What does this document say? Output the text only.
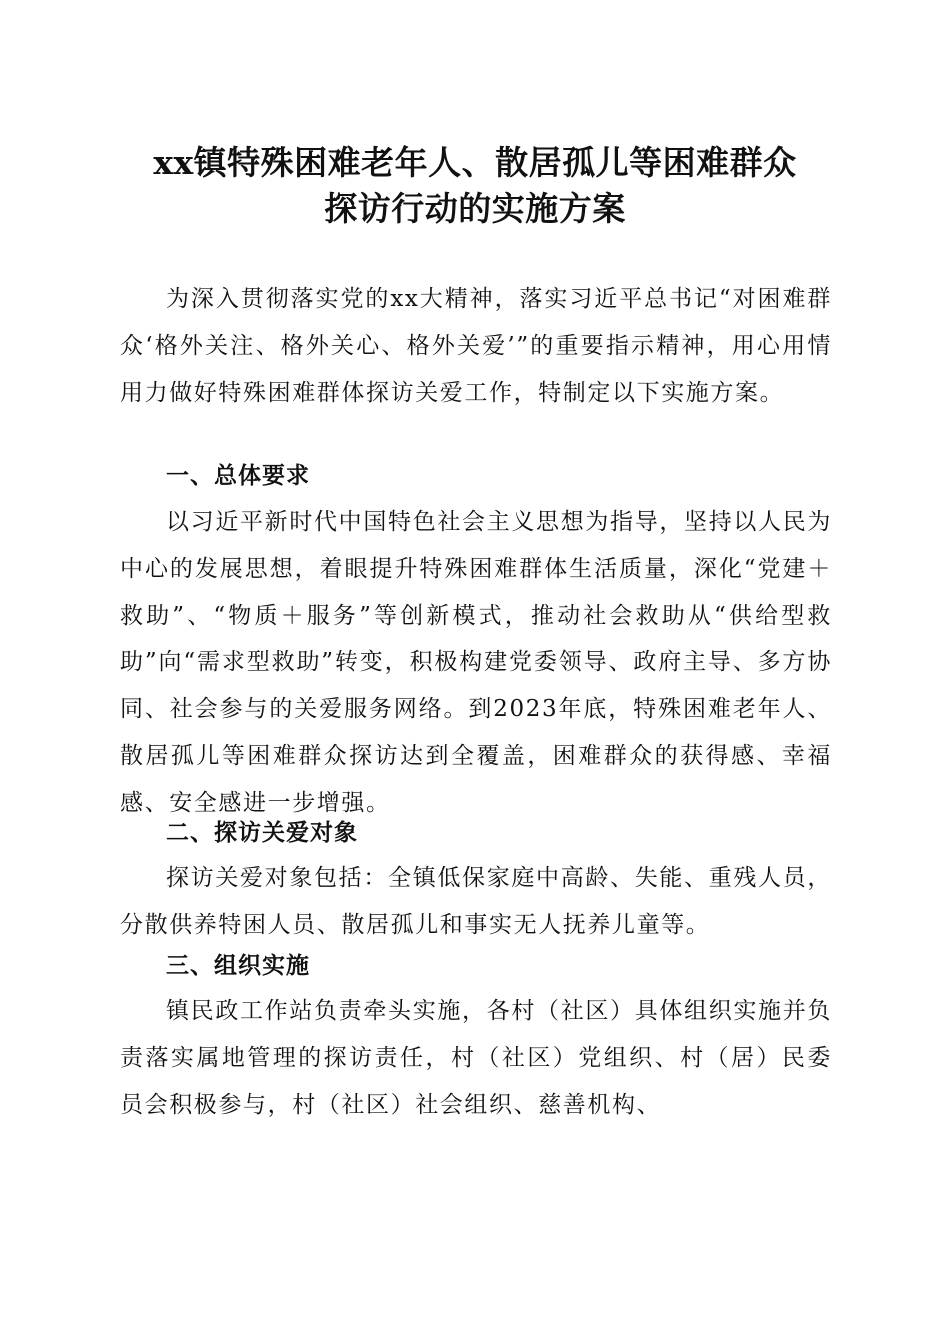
xx镇特殊困难老年人、散居孤儿等困难群众
探访行动的实施方案

为深入贯彻落实党的xx大精神，落实习近平总书记“对困难群众‘格外关注、格外关心、格外关爱’”的重要指示精神，用心用情用力做好特殊困难群体探访关爱工作，特制定以下实施方案。

一、总体要求

以习近平新时代中国特色社会主义思想为指导，坚持以人民为中心的发展思想，着眼提升特殊困难群体生活质量，深化“党建＋救助”、“物质＋服务”等创新模式，推动社会救助从“供给型救助”向“需求型救助”转变，积极构建党委领导、政府主导、多方协同、社会参与的关爱服务网络。到2023年底，特殊困难老年人、散居孤儿等困难群众探访达到全覆盖，困难群众的获得感、幸福感、安全感进一步增强。

二、探访关爱对象

探访关爱对象包括：全镇低保家庭中高龄、失能、重残人员，分散供养特困人员、散居孤儿和事实无人抚养儿童等。

三、组织实施

镇民政工作站负责牵头实施，各村（社区）具体组织实施并负责落实属地管理的探访责任，村（社区）党组织、村（居）民委员会积极参与，村（社区）社会组织、慈善机构、
